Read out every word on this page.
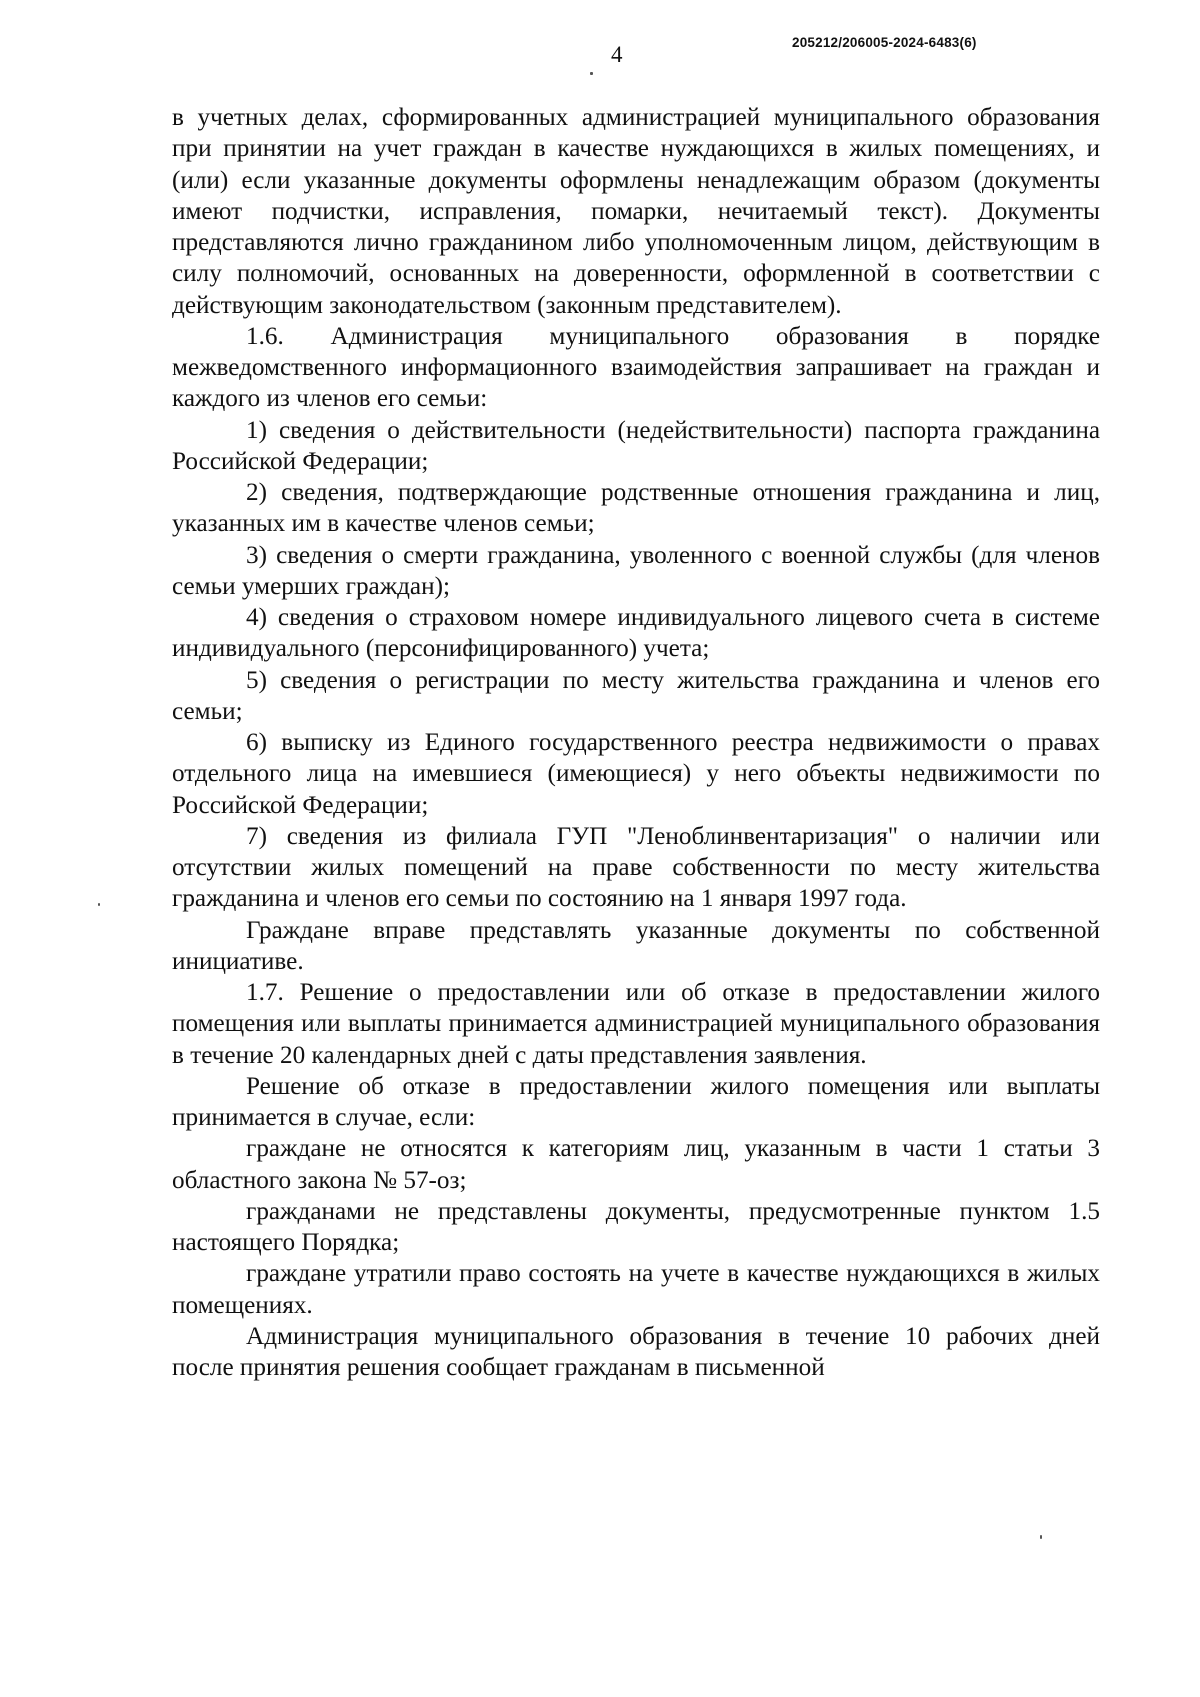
4	205212/206005-2024-6483(6)

в учетных делах, сформированных администрацией муниципального образования при принятии на учет граждан в качестве нуждающихся в жилых помещениях, и (или) если указанные документы оформлены ненадлежащим образом (документы имеют подчистки, исправления, помарки, нечитаемый текст). Документы представляются лично гражданином либо уполномоченным лицом, действующим в силу полномочий, основанных на доверенности, оформленной в соответствии с действующим законодательством (законным представителем).

1.6. Администрация муниципального образования в порядке межведомственного информационного взаимодействия запрашивает на граждан и каждого из членов его семьи:

1) сведения о действительности (недействительности) паспорта гражданина Российской Федерации;

2) сведения, подтверждающие родственные отношения гражданина и лиц, указанных им в качестве членов семьи;

3) сведения о смерти гражданина, уволенного с военной службы (для членов семьи умерших граждан);

4) сведения о страховом номере индивидуального лицевого счета в системе индивидуального (персонифицированного) учета;

5) сведения о регистрации по месту жительства гражданина и членов его семьи;

6) выписку из Единого государственного реестра недвижимости о правах отдельного лица на имевшиеся (имеющиеся) у него объекты недвижимости по Российской Федерации;

7) сведения из филиала ГУП "Леноблинвентаризация" о наличии или отсутствии жилых помещений на праве собственности по месту жительства гражданина и членов его семьи по состоянию на 1 января 1997 года.

Граждане вправе представлять указанные документы по собственной инициативе.

1.7. Решение о предоставлении или об отказе в предоставлении жилого помещения или выплаты принимается администрацией муниципального образования в течение 20 календарных дней с даты представления заявления.

Решение об отказе в предоставлении жилого помещения или выплаты принимается в случае, если:

граждане не относятся к категориям лиц, указанным в части 1 статьи 3 областного закона № 57-оз;

гражданами не представлены документы, предусмотренные пунктом 1.5 настоящего Порядка;

граждане утратили право состоять на учете в качестве нуждающихся в жилых помещениях.

Администрация муниципального образования в течение 10 рабочих дней после принятия решения сообщает гражданам в письменной
